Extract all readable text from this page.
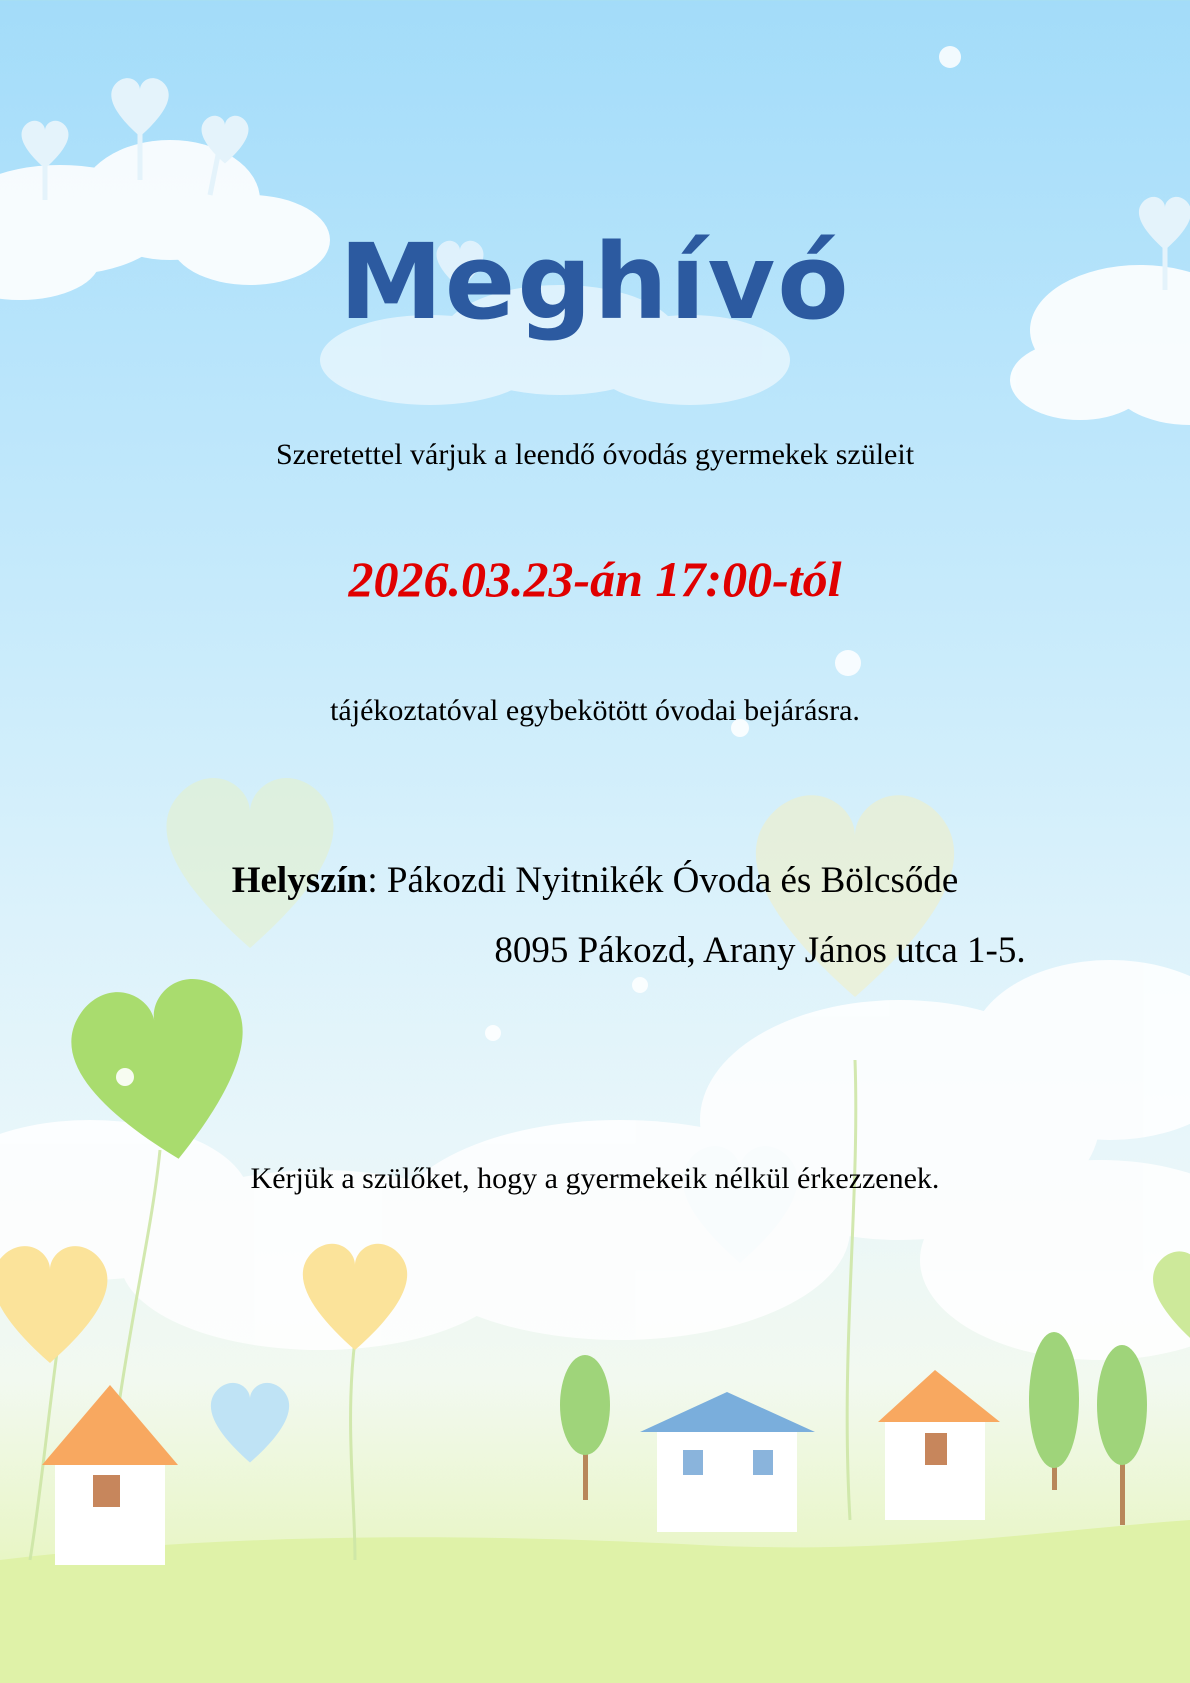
Meghívó
Szeretettel várjuk a leendő óvodás gyermekek szüleit
2026.03.23-án 17:00-tól
tájékoztatóval egybekötött óvodai bejárásra.
Helyszín: Pákozdi Nyitnikék Óvoda és Bölcsőde
8095 Pákozd, Arany János utca 1-5.
Kérjük a szülőket, hogy a gyermekeik nélkül érkezzenek.
